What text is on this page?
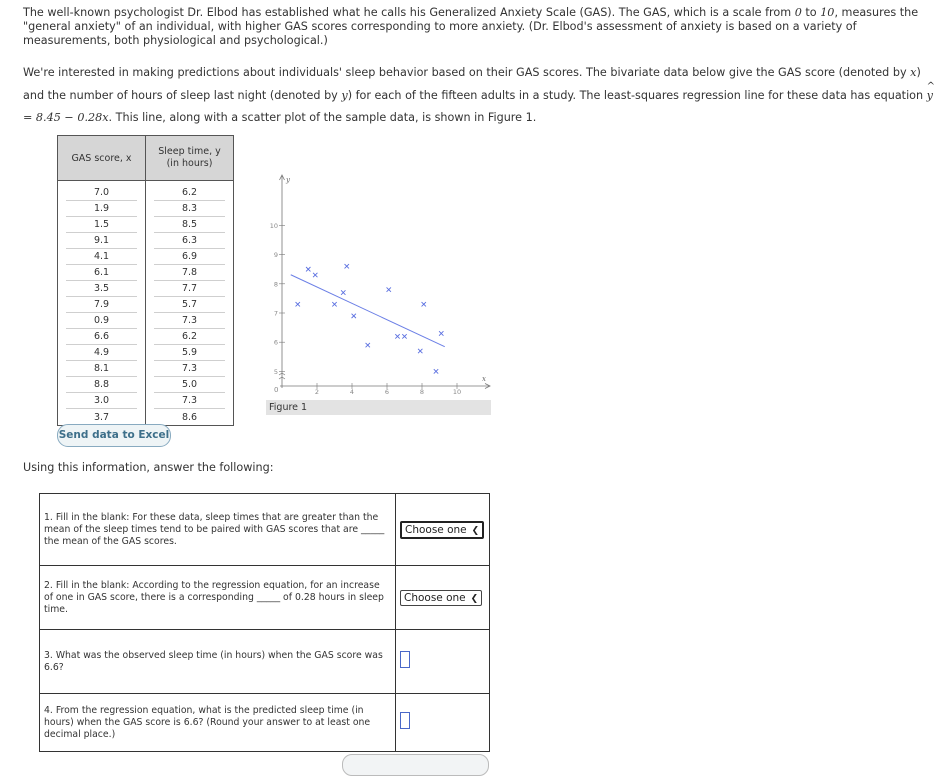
The well-known psychologist Dr. Elbod has established what he calls his Generalized Anxiety Scale (GAS). The GAS, which is a scale from 0 to 10, measures the "general anxiety" of an individual, with higher GAS scores corresponding to more anxiety. (Dr. Elbod's assessment of anxiety is based on a variety of measurements, both physiological and psychological.)

We're interested in making predictions about individuals' sleep behavior based on their GAS scores. The bivariate data below give the GAS score (denoted by x) and the number of hours of sleep last night (denoted by y) for each of the fifteen adults in a study. The least-squares regression line for these data has equation
^
y = 8.45 − 0.28x. This line, along with a scatter plot of the sample data, is shown in Figure 1.
GAS score, x	Sleep time, y
(in hours)

7.0	6.2

1.9	8.3

1.5	8.5

9.1	6.3

4.1	6.9

6.1	7.8

3.5	7.7

7.9	5.7

0.9	7.3

6.6	6.2

4.9	5.9

8.1	7.3

8.8	5.0

3.0	7.3

3.7	8.6
Send data to Excel
y
x
0	2	4	6	8	10
5
6
7
8
9
10
Figure 1
Using this information, answer the following:
1. Fill in the blank: For these data, sleep times that are greater than the mean of the sleep times tend to be paired with GAS scores that are _____ the mean of the GAS scores.	Choose one ❮
2. Fill in the blank: According to the regression equation, for an increase of one in GAS score, there is a corresponding _____ of 0.28 hours in sleep time.	Choose one ❮
3. What was the observed sleep time (in hours) when the GAS score was 6.6?	
4. From the regression equation, what is the predicted sleep time (in hours) when the GAS score is 6.6? (Round your answer to at least one decimal place.)	
